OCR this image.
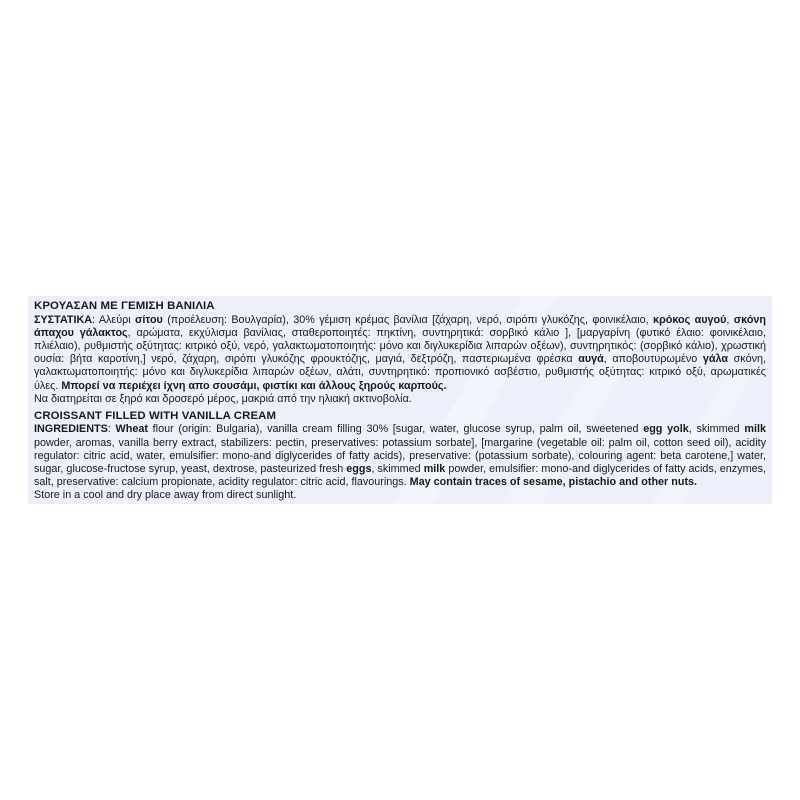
ΚΡΟΥΑΣΑΝ ΜΕ ΓΕΜΙΣΗ ΒΑΝΙΛΙΑ
ΣΥΣΤΑΤΙΚΑ: Αλεύρι σίτου (προέλευση: Βουλγαρία), 30% γέμιση κρέμας βανίλια [ζάχαρη, νερό, σιρόπι γλυκόζης, φοινικέλαιο, κρόκος αυγού, σκόνη άπαχου γάλακτος, αρώματα, εκχύλισμα βανίλιας, σταθεροποιητές: πηκτίνη, συντηρητικά: σορβικό κάλιο ], [μαργαρίνη (φυτικό έλαιο: φοινικέλαιο, πλιέλαιο), ρυθμιστής οξύτητας: κιτρικό οξύ, νερό, γαλακτωματοποιητής: μόνο και διγλυκερίδια λιπαρών οξέων), συντηρητικός: (σορβικό κάλιο), χρωστική ουσία: βήτα καροτίνη,] νερό, ζάχαρη, σιρόπι γλυκόζης φρουκτόζης, μαγιά, δεξτρόζη, παστεριωμένα φρέσκα αυγά, αποβουτυρωμένο γάλα σκόνη, γαλακτωματοποιητής: μόνο και διγλυκερίδια λιπαρών οξέων, αλάτι, συντηρητικό: προπιονικό ασβέστιο, ρυθμιστής οξύτητας: κιτρικό οξύ, αρωματικές ύλες. Μπορεί να περιέχει ίχνη απο σουσάμι, φιστίκι και άλλους ξηρούς καρπούς.
Να διατηρείται σε ξηρό και δροσερό μέρος, μακριά από την ηλιακή ακτινοβολία.
CROISSANT FILLED WITH VANILLA CREAM
INGREDIENTS: Wheat flour (origin: Bulgaria), vanilla cream filling 30% [sugar, water, glucose syrup, palm oil, sweetened egg yolk, skimmed milk powder, aromas, vanilla berry extract, stabilizers: pectin, preservatives: potassium sorbate], [margarine (vegetable oil: palm oil, cotton seed oil), acidity regulator: citric acid, water, emulsifier: mono-and diglycerides of fatty acids), preservative: (potassium sorbate), colouring agent: beta carotene,] water, sugar, glucose-fructose syrup, yeast, dextrose, pasteurized fresh eggs, skimmed milk powder, emulsifier: mono-and diglycerides of fatty acids, enzymes, salt, preservative: calcium propionate, acidity regulator: citric acid, flavourings. May contain traces of sesame, pistachio and other nuts.
Store in a cool and dry place away from direct sunlight.
